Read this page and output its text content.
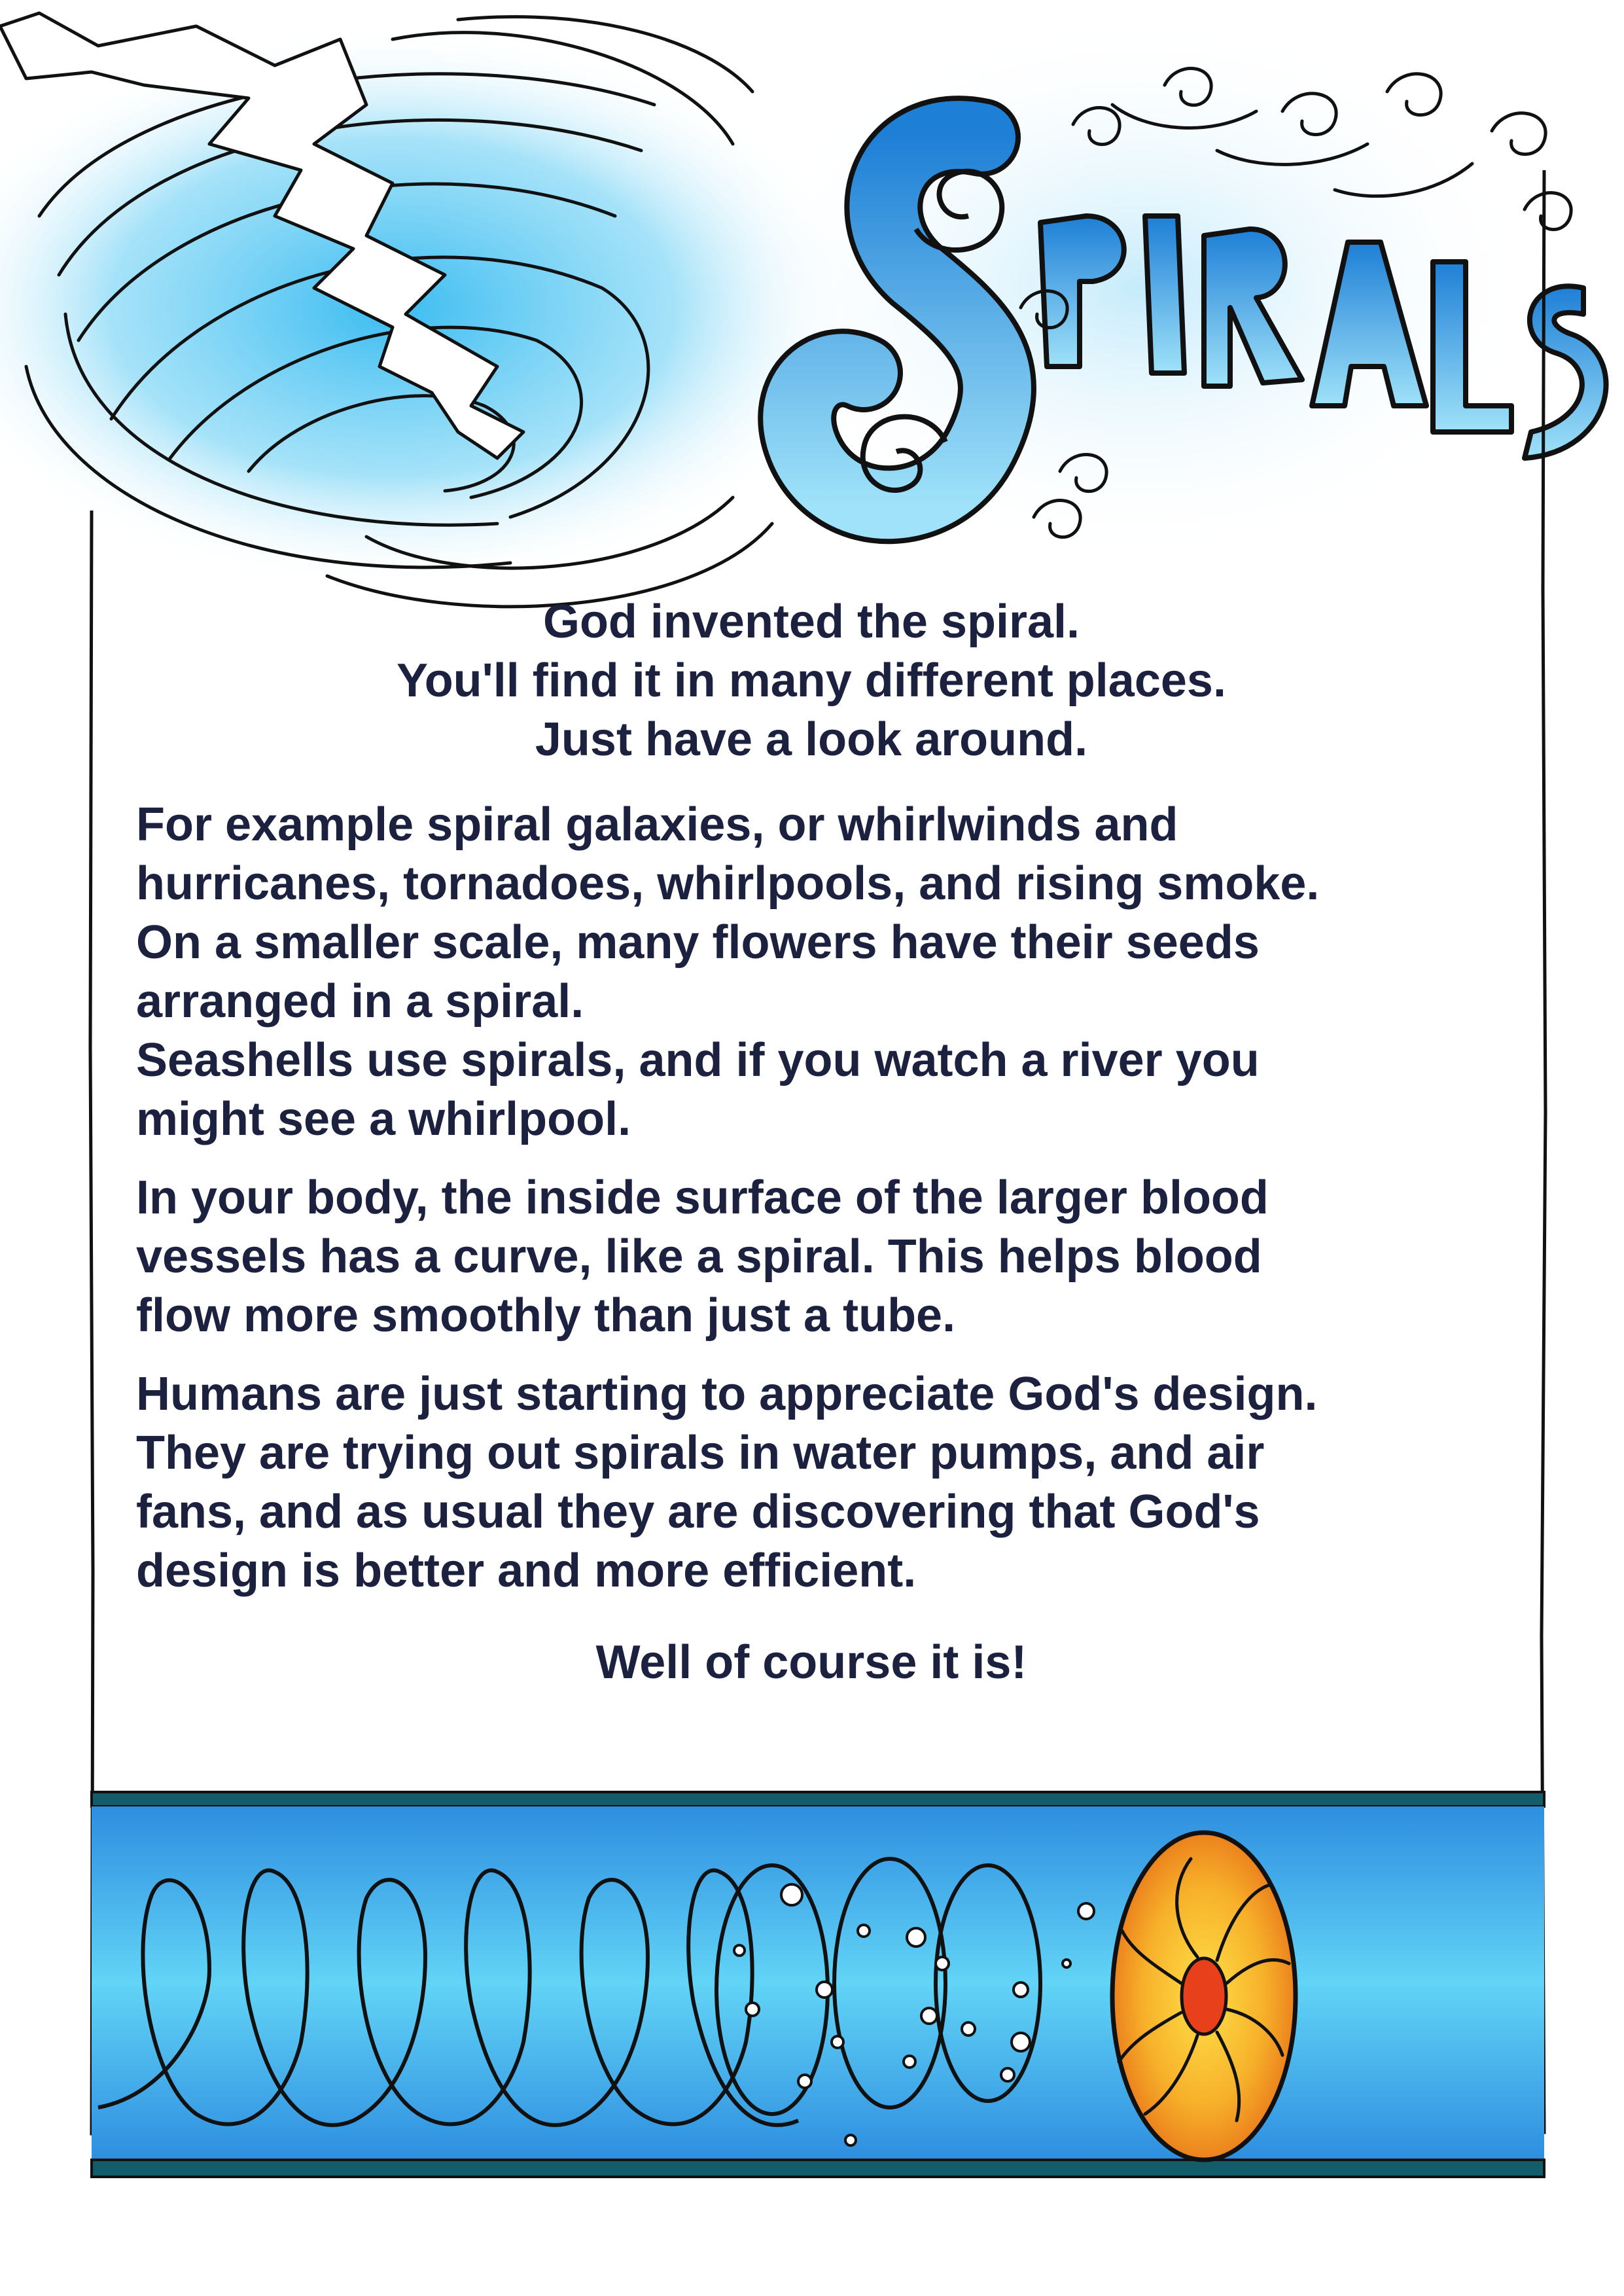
God invented the spiral.
You'll find it in many different places.
Just have a look around.

For example spiral galaxies, or whirlwinds and
hurricanes, tornadoes, whirlpools, and rising smoke.
On a smaller scale, many flowers have their seeds
arranged in a spiral.
Seashells use spirals, and if you watch a river you
might see a whirlpool.

In your body, the inside surface of the larger blood
vessels has a curve, like a spiral. This helps blood
flow more smoothly than just a tube.

Humans are just starting to appreciate God's design.
They are trying out spirals in water pumps, and air
fans, and as usual they are discovering that God's
design is better and more efficient.

Well of course it is!
